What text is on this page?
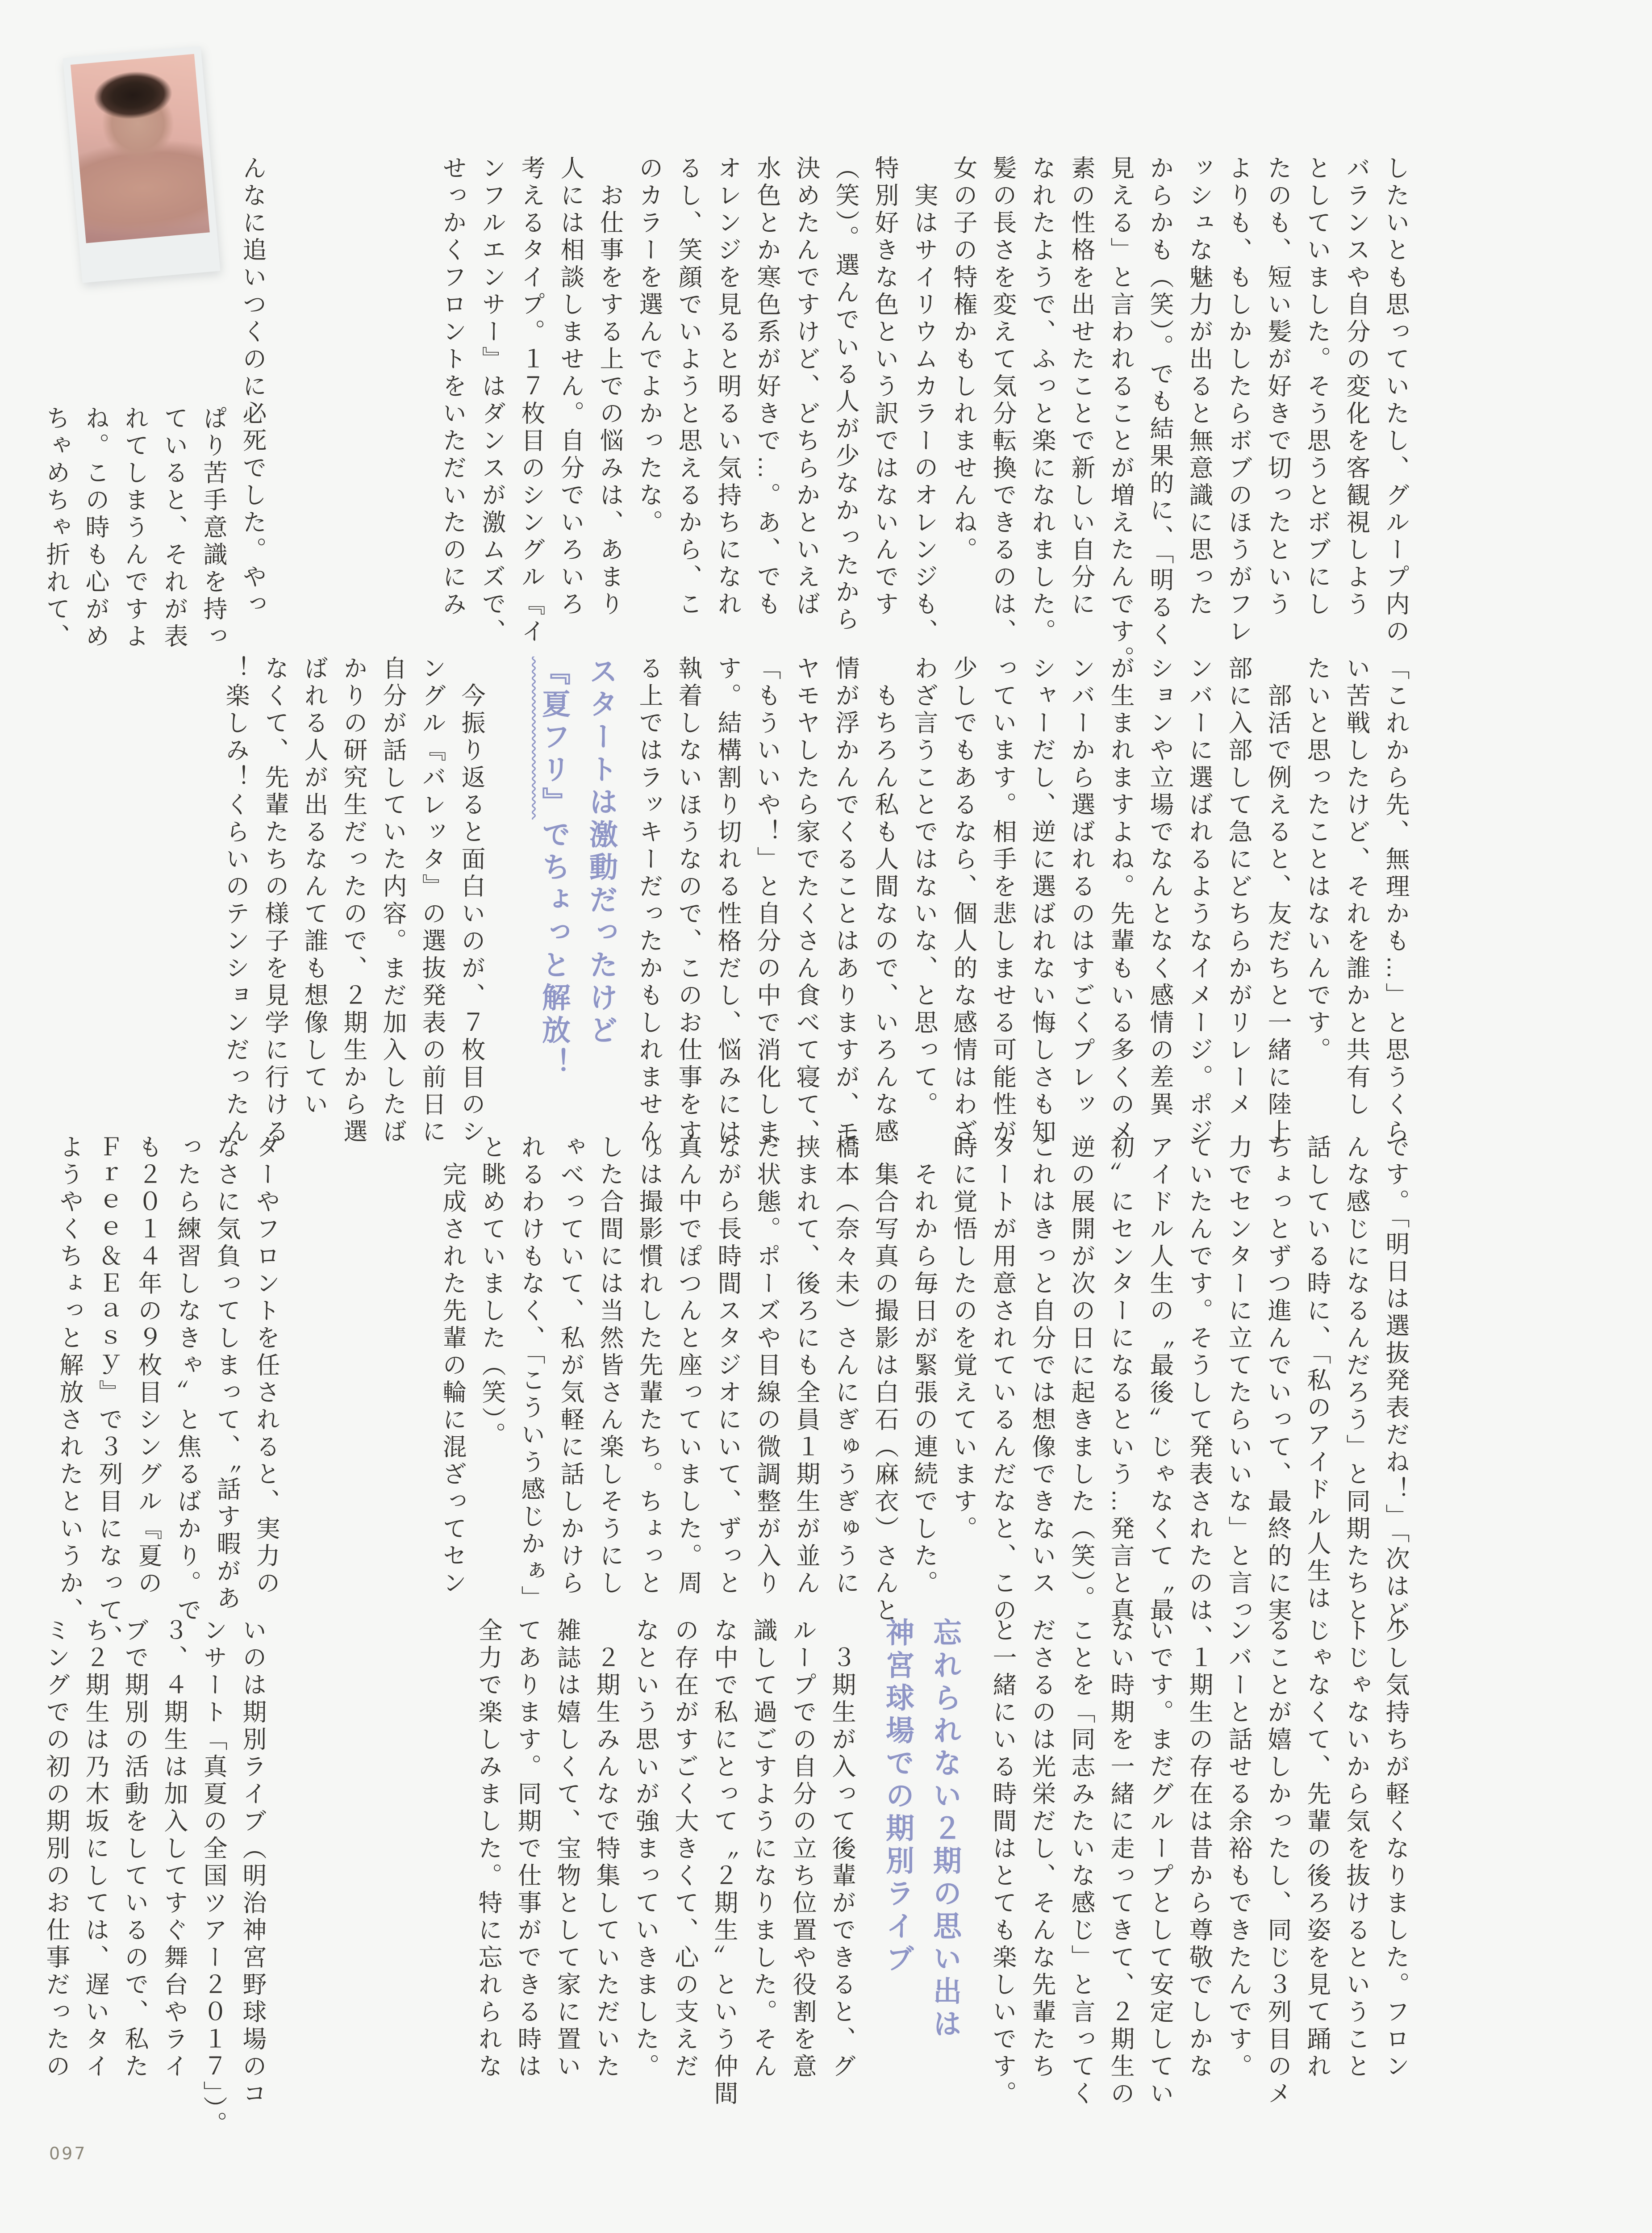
したいとも思っていたし、グループ内の
バランスや自分の変化を客観視しよう
としていました。そう思うとボブにし
たのも、短い髪が好きで切ったという
よりも、もしかしたらボブのほうがフレ
ッシュな魅力が出ると無意識に思った
からかも（笑）。でも結果的に、「明るく
見える」と言われることが増えたんです。
素の性格を出せたことで新しい自分に
なれたようで、ふっと楽になれました。
髪の長さを変えて気分転換できるのは、
女の子の特権かもしれませんね。
　実はサイリウムカラーのオレンジも、
特別好きな色という訳ではないんです
（笑）。選んでいる人が少なかったから
決めたんですけど、どちらかといえば
水色とか寒色系が好きで…。あ、でも
オレンジを見ると明るい気持ちになれ
るし、笑顔でいようと思えるから、こ
のカラーを選んでよかったな。
　お仕事をする上での悩みは、あまり
人には相談しません。自分でいろいろ
考えるタイプ。１７枚目のシングル『イ
ンフルエンサー』はダンスが激ムズで、
せっかくフロントをいただいたのにみ
んなに追いつくのに必死でした。やっ
ぱり苦手意識を持っ
ていると、それが表
れてしまうんですよ
ね。この時も心がめ
ちゃめちゃ折れて、
「これから先、無理かも…」と思うくら
い苦戦したけど、それを誰かと共有し
たいと思ったことはないんです。
　部活で例えると、友だちと一緒に陸上
部に入部して急にどちらかがリレーメ
ンバーに選ばれるようなイメージ。ポジ
ションや立場でなんとなく感情の差異
が生まれますよね。先輩もいる多くのメ
ンバーから選ばれるのはすごくプレッ
シャーだし、逆に選ばれない悔しさも知
っています。相手を悲しませる可能性が
少しでもあるなら、個人的な感情はわざ
わざ言うことではないな、と思って。
　もちろん私も人間なので、いろんな感
情が浮かんでくることはありますが、モ
ヤモヤしたら家でたくさん食べて寝て、
「もういいや！」と自分の中で消化しま
す。結構割り切れる性格だし、悩みには
執着しないほうなので、このお仕事をす
る上ではラッキーだったかもしれません。
スタートは激動だったけど
『夏フリ』でちょっと解放！
　今振り返ると面白いのが、７枚目のシ
ングル『バレッタ』の選抜発表の前日に
自分が話していた内容。まだ加入したば
かりの研究生だったので、２期生から選
ばれる人が出るなんて誰も想像してい
なくて、先輩たちの様子を見学に行ける
！楽しみ！くらいのテンションだったん
です。「明日は選抜発表だね！」「次はど
んな感じになるんだろう」と同期たちと
話している時に、「私のアイドル人生は
ちょっとずつ進んでいって、最終的に実
力でセンターに立てたらいいな」と言っ
ていたんです。そうして発表されたのは、
アイドル人生の〝最後〟じゃなくて〝最
初〟にセンターになるという…発言と真
逆の展開が次の日に起きました（笑）。
これはきっと自分では想像できないス
タートが用意されているんだなと、この
時に覚悟したのを覚えています。
　それから毎日が緊張の連続でした。
　集合写真の撮影は白石（麻衣）さんと
橋本（奈々未）さんにぎゅうぎゅうに
挟まれて、後ろにも全員１期生が並ん
だ状態。ポーズや目線の微調整が入り
ながら長時間スタジオにいて、ずっと
真ん中でぽつんと座っていました。周
りは撮影慣れした先輩たち。ちょっと
した合間には当然皆さん楽しそうにし
ゃべっていて、私が気軽に話しかけら
れるわけもなく、「こういう感じかぁ」
と眺めていました（笑）。
　完成された先輩の輪に混ざってセン
ターやフロントを任されると、実力の
なさに気負ってしまって、〝話す暇があ
ったら練習しなきゃ〟と焦るばかり。で
も２０１４年の９枚目シングル『夏の
Ｆｒｅｅ＆Ｅａｓｙ』で３列目になって、
ようやくちょっと解放されたというか、
少し気持ちが軽くなりました。フロン
トじゃないから気を抜けるということ
じゃなくて、先輩の後ろ姿を見て踊れ
ることが嬉しかったし、同じ３列目のメ
ンバーと話せる余裕もできたんです。
　１期生の存在は昔から尊敬でしかな
いです。まだグループとして安定してい
ない時期を一緒に走ってきて、２期生の
ことを「同志みたいな感じ」と言ってく
ださるのは光栄だし、そんな先輩たち
と一緒にいる時間はとても楽しいです。
忘れられない２期の思い出は
神宮球場での期別ライブ
　３期生が入って後輩ができると、グ
ループでの自分の立ち位置や役割を意
識して過ごすようになりました。そん
な中で私にとって〝２期生〟という仲間
の存在がすごく大きくて、心の支えだ
なという思いが強まっていきました。
　２期生みんなで特集していただいた
雑誌は嬉しくて、宝物として家に置い
てあります。同期で仕事ができる時は
全力で楽しみました。特に忘れられな
いのは期別ライブ（明治神宮野球場のコ
ンサート「真夏の全国ツアー２０１７」）。
３、４期生は加入してすぐ舞台やライ
ブで期別の活動をしているので、私た
ち２期生は乃木坂にしては、遅いタイ
ミングでの初の期別のお仕事だったの
097
